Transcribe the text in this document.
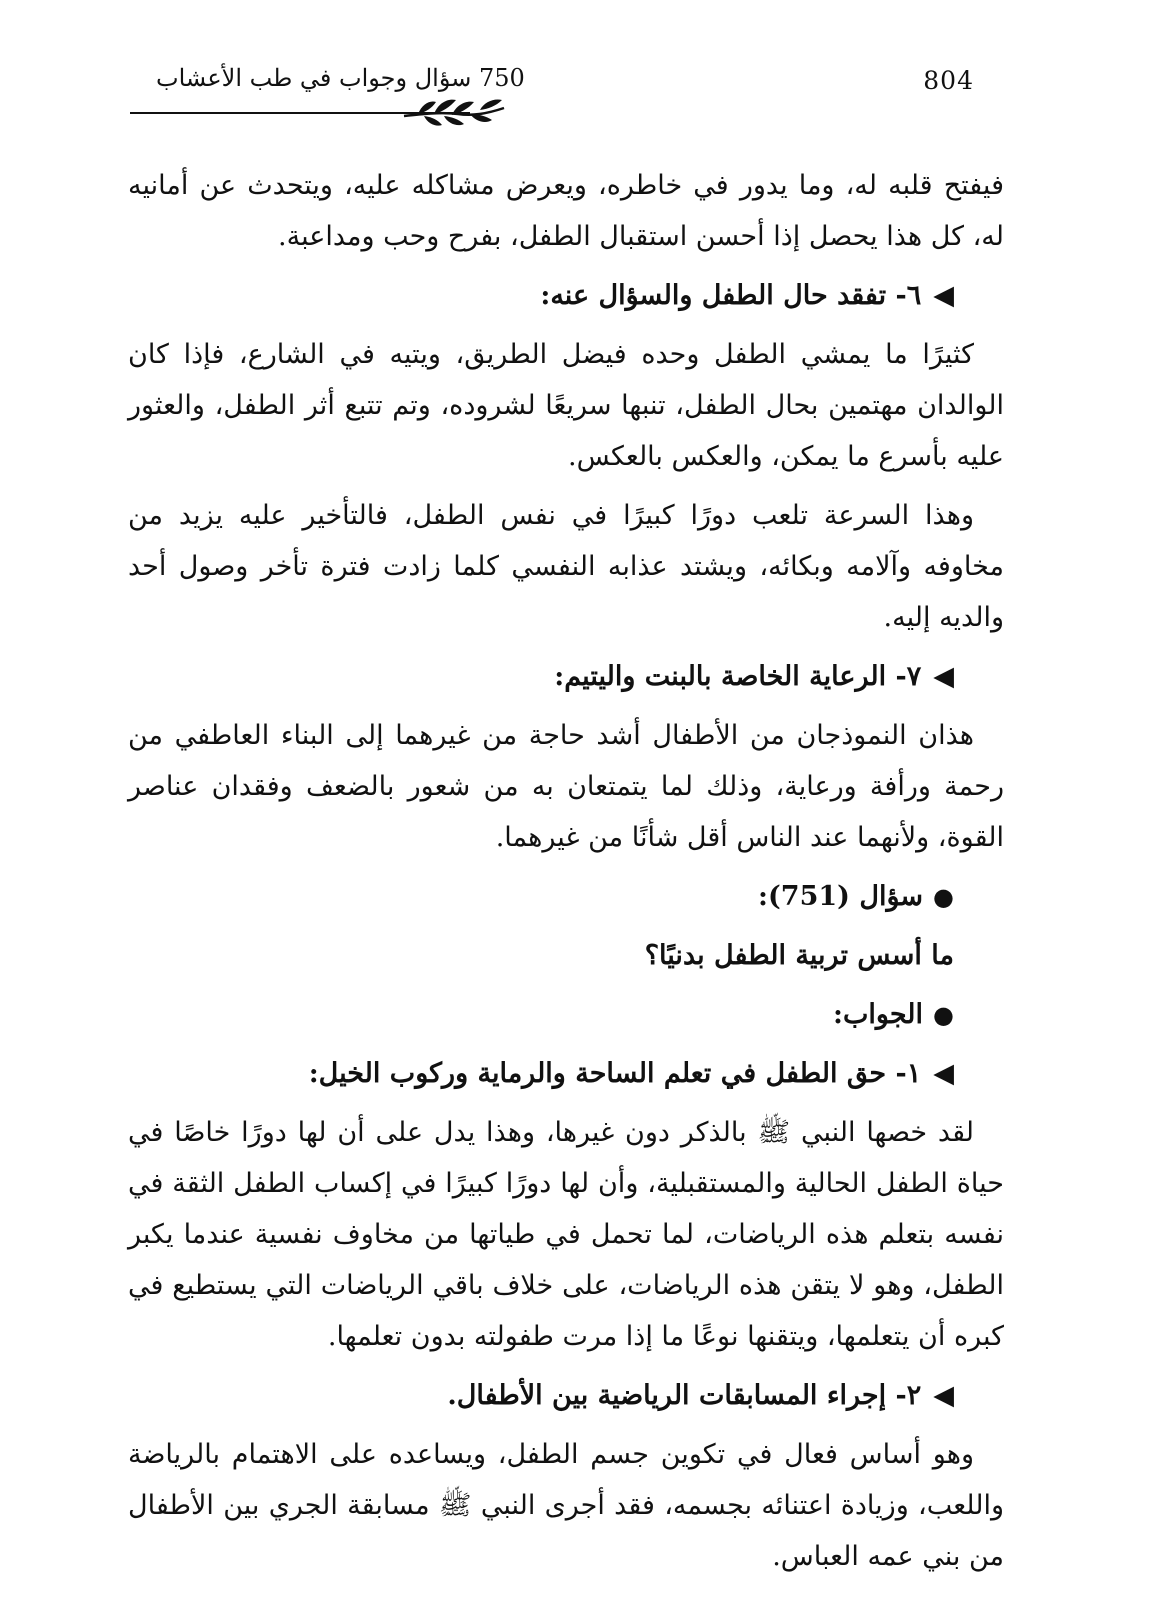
804
750 سؤال وجواب في طب الأعشاب

فيفتح قلبه له، وما يدور في خاطره، ويعرض مشاكله عليه، ويتحدث عن أمانيه له، كل هذا يحصل إذا أحسن استقبال الطفل، بفرح وحب ومداعبة.

◀٦- تفقد حال الطفل والسؤال عنه:

كثيرًا ما يمشي الطفل وحده فيضل الطريق، ويتيه في الشارع، فإذا كان الوالدان مهتمين بحال الطفل، تنبها سريعًا لشروده، وتم تتبع أثر الطفل، والعثور عليه بأسرع ما يمكن، والعكس بالعكس.

وهذا السرعة تلعب دورًا كبيرًا في نفس الطفل، فالتأخير عليه يزيد من مخاوفه وآلامه وبكائه، ويشتد عذابه النفسي كلما زادت فترة تأخر وصول أحد والديه إليه.

◀٧- الرعاية الخاصة بالبنت واليتيم:

هذان النموذجان من الأطفال أشد حاجة من غيرهما إلى البناء العاطفي من رحمة ورأفة ورعاية، وذلك لما يتمتعان به من شعور بالضعف وفقدان عناصر القوة، ولأنهما عند الناس أقل شأنًا من غيرهما.

●سؤال (751):
ما أسس تربية الطفل بدنيًا؟
●الجواب:
◀١- حق الطفل في تعلم الساحة والرماية وركوب الخيل:

لقد خصها النبي ﷺ بالذكر دون غيرها، وهذا يدل على أن لها دورًا خاصًا في حياة الطفل الحالية والمستقبلية، وأن لها دورًا كبيرًا في إكساب الطفل الثقة في نفسه بتعلم هذه الرياضات، لما تحمل في طياتها من مخاوف نفسية عندما يكبر الطفل، وهو لا يتقن هذه الرياضات، على خلاف باقي الرياضات التي يستطيع في كبره أن يتعلمها، ويتقنها نوعًا ما إذا مرت طفولته بدون تعلمها.

◀٢- إجراء المسابقات الرياضية بين الأطفال.

وهو أساس فعال في تكوين جسم الطفل، ويساعده على الاهتمام بالرياضة واللعب، وزيادة اعتنائه بجسمه، فقد أجرى النبي ﷺ مسابقة الجري بين الأطفال من بني عمه العباس.
